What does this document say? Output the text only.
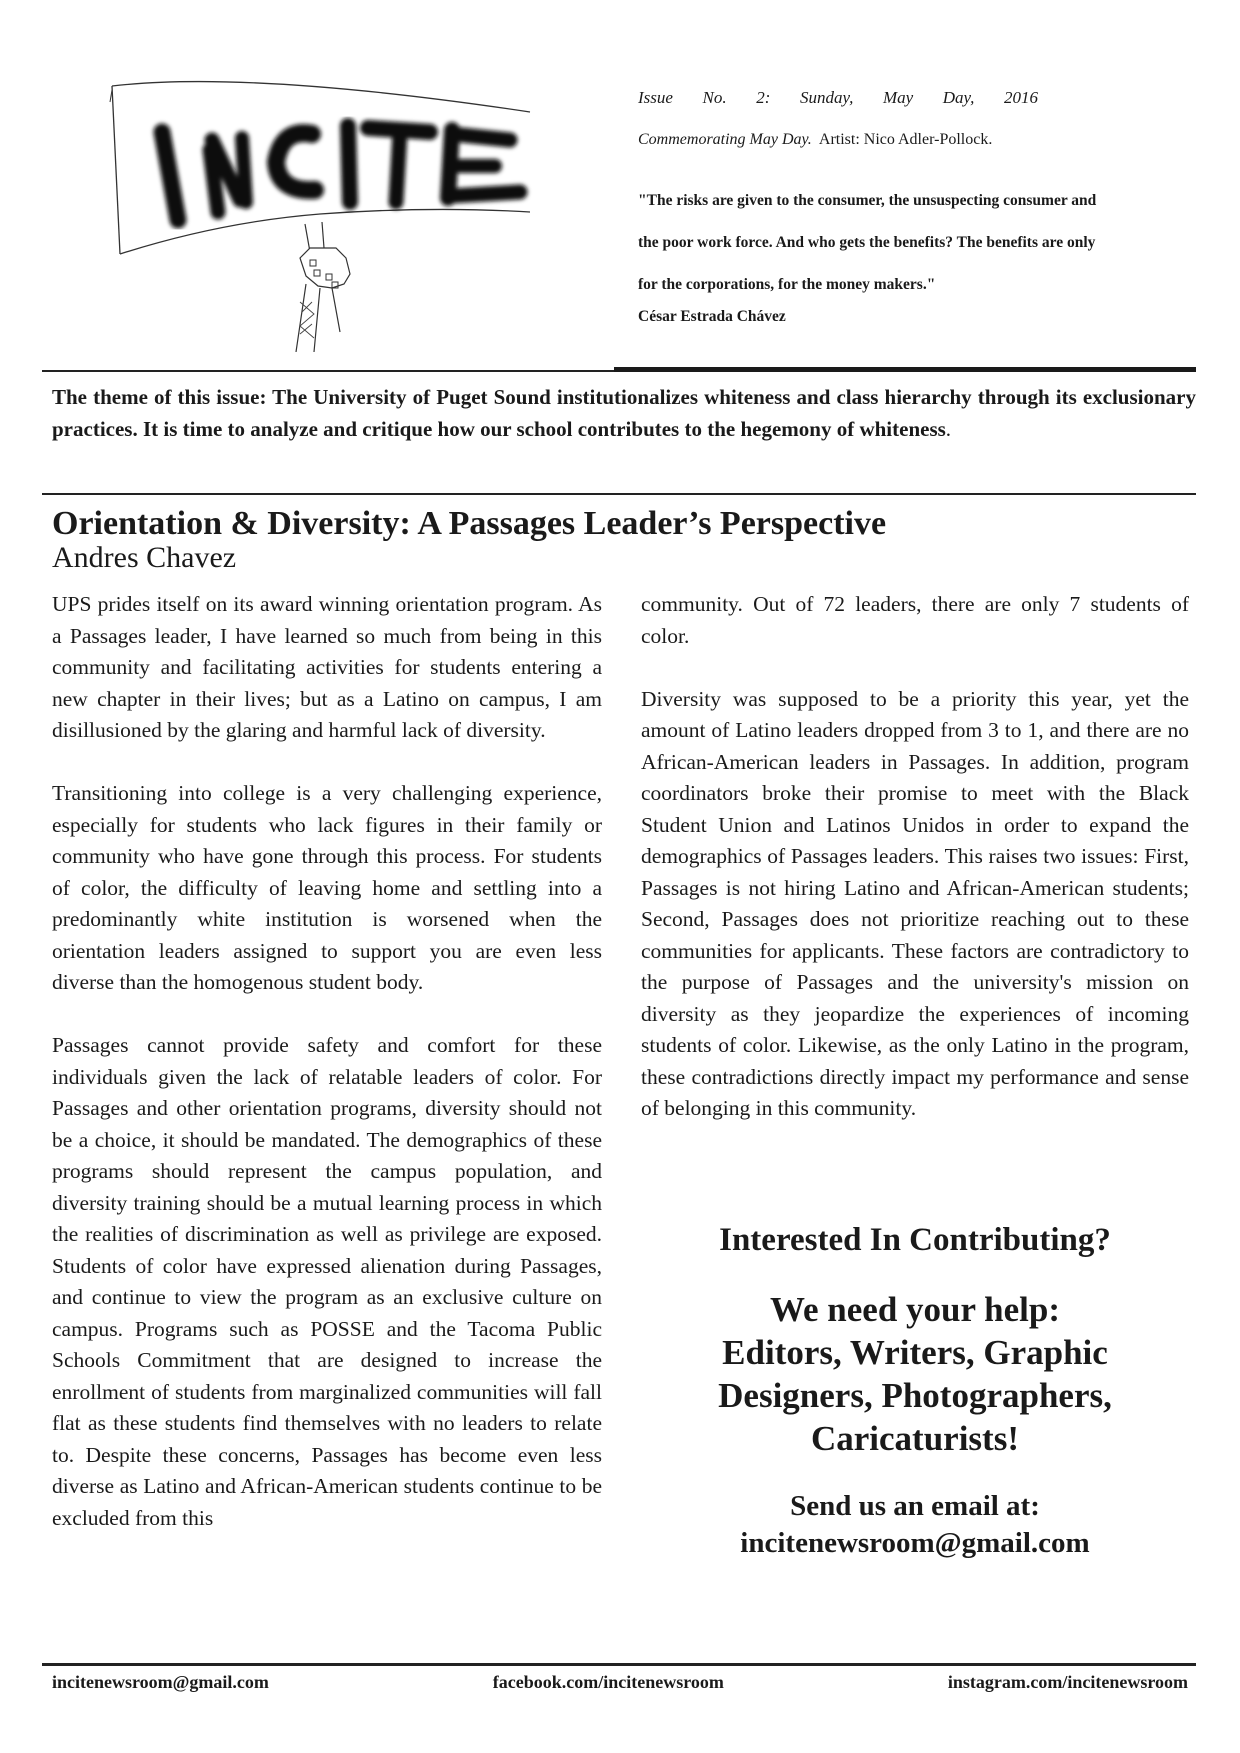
Issue No. 2: Sunday, May Day, 2016
Commemorating May Day. Artist: Nico Adler-Pollock.
"The risks are given to the consumer, the unsuspecting consumer and
the poor work force. And who gets the benefits? The benefits are only
for the corporations, for the money makers."
César Estrada Chávez
The theme of this issue: The University of Puget Sound institutionalizes whiteness and class hierarchy through its exclusionary practices. It is time to analyze and critique how our school contributes to the hegemony of whiteness.
Orientation & Diversity: A Passages Leader’s Perspective
Andres Chavez

UPS prides itself on its award winning orientation program. As a Passages leader, I have learned so much from being in this community and facilitating activities for students entering a new chapter in their lives; but as a Latino on campus, I am disillusioned by the glaring and harmful lack of diversity.

Transitioning into college is a very challenging experience, especially for students who lack figures in their family or community who have gone through this process. For students of color, the difficulty of leaving home and settling into a predominantly white institution is worsened when the orientation leaders assigned to support you are even less diverse than the homogenous student body.

Passages cannot provide safety and comfort for these individuals given the lack of relatable leaders of color. For Passages and other orientation programs, diversity should not be a choice, it should be mandated. The demographics of these programs should represent the campus population, and diversity training should be a mutual learning process in which the realities of discrimination as well as privilege are exposed. Students of color have expressed alienation during Passages, and continue to view the program as an exclusive culture on campus. Programs such as POSSE and the Tacoma Public Schools Commitment that are designed to increase the enrollment of students from marginalized communities will fall flat as these students find themselves with no leaders to relate to. Despite these concerns, Passages has become even less diverse as Latino and African-American students continue to be excluded from this

community. Out of 72 leaders, there are only 7 students of color.

Diversity was supposed to be a priority this year, yet the amount of Latino leaders dropped from 3 to 1, and there are no African-American leaders in Passages. In addition, program coordinators broke their promise to meet with the Black Student Union and Latinos Unidos in order to expand the demographics of Passages leaders. This raises two issues: First, Passages is not hiring Latino and African-American students; Second, Passages does not prioritize reaching out to these communities for applicants. These factors are contradictory to the purpose of Passages and the university's mission on diversity as they jeopardize the experiences of incoming students of color. Likewise, as the only Latino in the program, these contradictions directly impact my performance and sense of belonging in this community.

Interested In Contributing?
We need your help:
Editors, Writers, Graphic
Designers, Photographers,
Caricaturists!
Send us an email at:
incitenewsroom@gmail.com
incitenewsroom@gmail.com	facebook.com/incitenewsroom	instagram.com/incitenewsroom
